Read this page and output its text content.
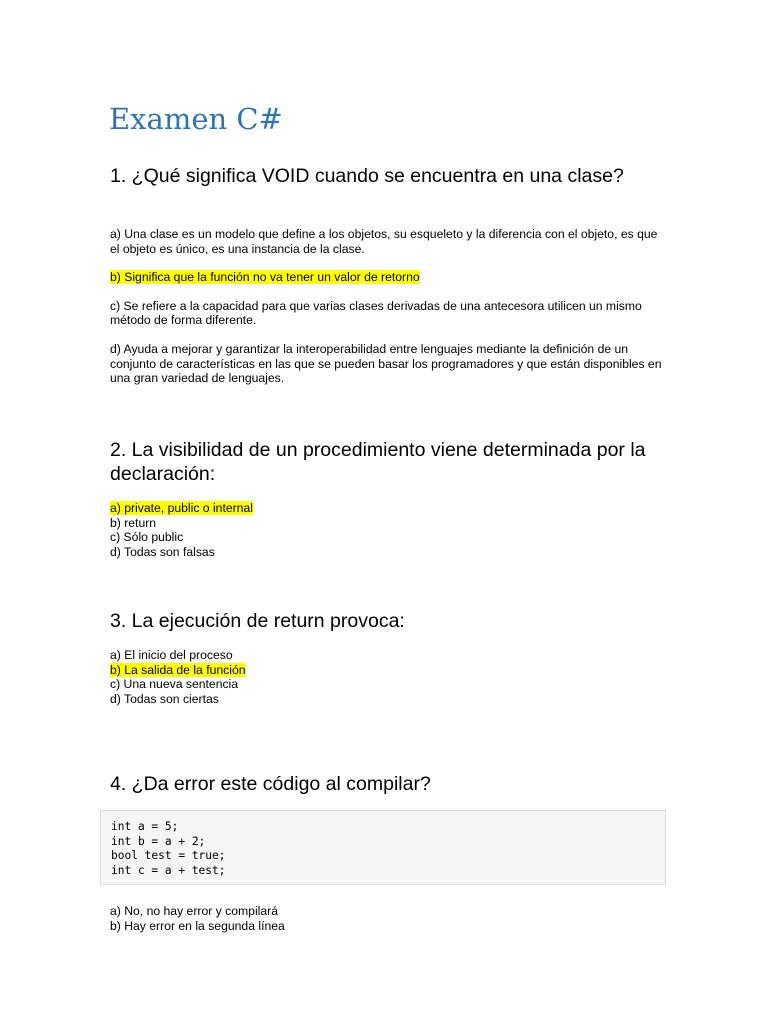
Examen C#
1. ¿Qué significa VOID cuando se encuentra en una clase?

a) Una clase es un modelo que define a los objetos, su esqueleto y la diferencia con el objeto, es que el objeto es único, es una instancia de la clase.

b) Significa que la función no va tener un valor de retorno

c) Se refiere a la capacidad para que varias clases derivadas de una antecesora utilicen un mismo método de forma diferente.

d) Ayuda a mejorar y garantizar la interoperabilidad entre lenguajes mediante la definición de un conjunto de características en las que se pueden basar los programadores y que están disponibles en una gran variedad de lenguajes.

2. La visibilidad de un procedimiento viene determinada por la declaración:

a) private, public o internal

b) return

c) Sólo public

d) Todas son falsas

3. La ejecución de return provoca:

a) El inicio del proceso

b) La salida de la función

c) Una nueva sentencia

d) Todas son ciertas

4. ¿Da error este código al compilar?
int a = 5;
int b = a + 2;
bool test = true;
int c = a + test;

a) No, no hay error y compilará

b) Hay error en la segunda línea
